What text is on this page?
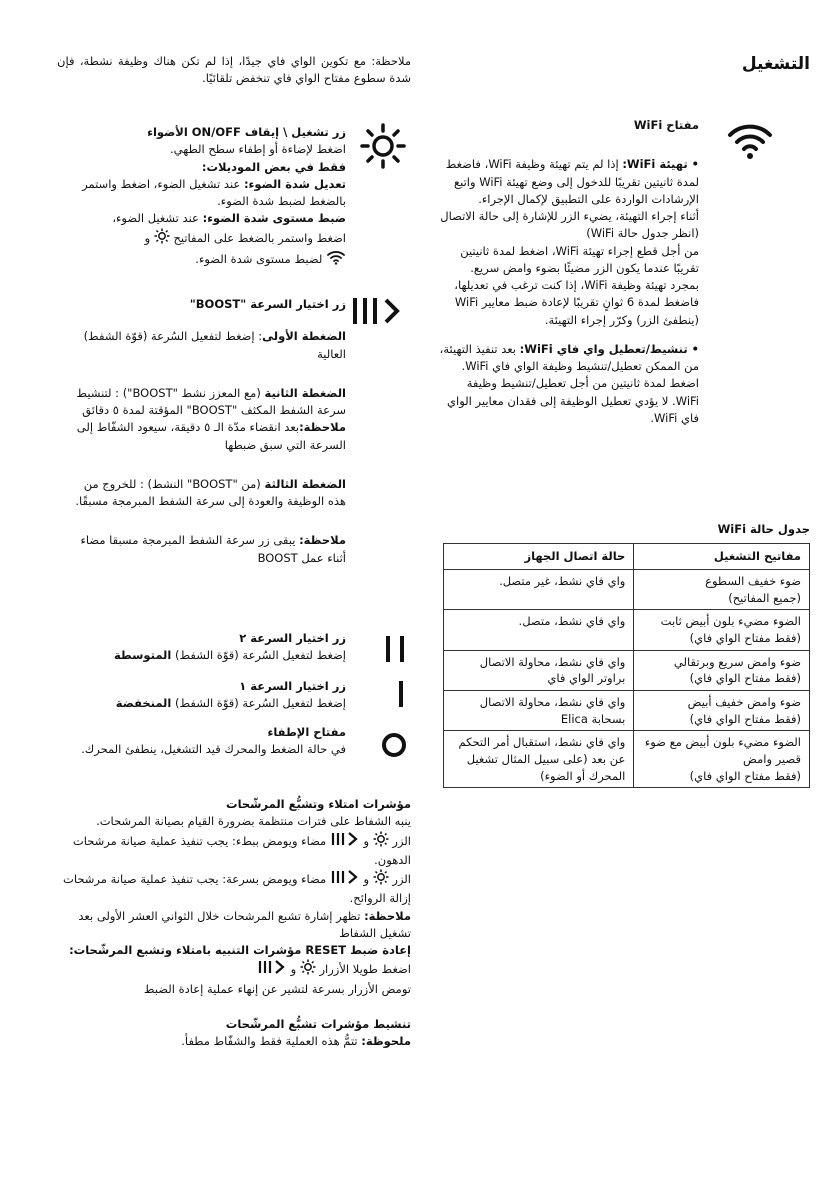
التشغيل
ملاحظة: مع تكوين الواي فاي جيدًا، إذا لم تكن هناك وظيفة نشطة، فإن شدة سطوع مفتاح الواي فاي تنخفض تلقائيًا.
مفتاح WiFi

• تهيئة WiFi: إذا لم يتم تهيئة وظيفة WiFi، فاضغط لمدة ثانيتين تقريبًا للدخول إلى وضع تهيئة WiFi واتبع الإرشادات الواردة على التطبيق لإكمال الإجراء.

أثناء إجراء التهيئة، يضيء الزر للإشارة إلى حالة الاتصال (انظر جدول حالة WiFi)

من أجل قطع إجراء تهيئة WiFi، اضغط لمدة ثانيتين تقريبًا عندما يكون الزر مضيئًا بضوء وامض سريع.

بمجرد تهيئة وظيفة WiFi، إذا كنت ترغب في تعديلها، فاضغط لمدة 6 ثوانٍ تقريبًا لإعادة ضبط معايير WiFi (ينطفئ الزر) وكرّر إجراء التهيئة.

• تنشيط/تعطيل واي فاي WiFi: بعد تنفيذ التهيئة، من الممكن تعطيل/تنشيط وظيفة الواي فاي WiFi. اضغط لمدة ثانيتين من أجل تعطيل/تنشيط وظيفة WiFi. لا يؤدي تعطيل الوظيفة إلى فقدان معايير الواي فاي WiFi.

جدول حالة WiFi
مفاتيح التشغيل	حالة اتصال الجهاز
ضوء خفيف السطوع
(جميع المفاتيح)	واي فاي نشط، غير متصل.
الضوء مضيء بلون أبيض ثابت
(فقط مفتاح الواي فاي)	واي فاي نشط، متصل.
ضوء وامض سريع وبرتقالي
(فقط مفتاح الواي فاي)	واي فاي نشط، محاولة الاتصال براوتر الواي فاي
ضوء وامض خفيف أبيض
(فقط مفتاح الواي فاي)	واي فاي نشط، محاولة الاتصال بسحابة Elica
الضوء مضيء بلون أبيض مع ضوء قصير وامض
(فقط مفتاح الواي فاي)	واي فاي نشط، استقبال أمر التحكم عن بعد (على سبيل المثال تشغيل المحرك أو الضوء)

زر تشغيل \ إيقاف ON/OFF الأضواء

اضغط لإضاءة أو إطفاء سطح الطهي.

فقط في بعض الموديلات:

تعديل شدة الضوء: عند تشغيل الضوء، اضغط واستمر بالضغط لضبط شدة الضوء.

ضبط مستوى شدة الضوء: عند تشغيل الضوء،

اضغط واستمر بالضغط على المفاتيح  و

لضبط مستوى شدة الضوء.

زر اختيار السرعة "BOOST"

الضغطة الأولى: إضغط لتفعيل السُرعة (قوّة الشفط) العالية

الضغطة الثانية (مع المعزز نشط "BOOST") : لتنشيط سرعة الشفط المكثف "BOOST" المؤقتة لمدة ٥ دقائق

ملاحظة:بعد انقضاء مدّة الـ ٥ دقيقة، سيعود الشفّاط إلى السرعة التي سبق ضبطها

الضغطة الثالثة (من "BOOST" النشط) : للخروج من هذه الوظيفة والعودة إلى سرعة الشفط المبرمجة مسبقًا.

ملاحظة: يبقى زر سرعة الشفط المبرمجة مسبقا مضاء أثناء عمل BOOST

زر اختيار السرعة ٢

إضغط لتفعيل السُرعة (قوّة الشفط) المتوسطة

زر اختيار السرعة ١

إضغط لتفعيل السُرعة (قوّة الشفط) المنخفضة

مفتاح الإطفاء

في حالة الضغط والمحرك قيد التشغيل، ينطفئ المحرك.

مؤشرات امتلاء وتشبُّع المرشّحات

ينبه الشفاط على فترات منتظمة بضرورة القيام بصيانة المرشحات.

الزر  و  مضاء ويومض ببطء: يجب تنفيذ عملية صيانة مرشحات الدهون.

الزر  و  مضاء ويومض بسرعة: يجب تنفيذ عملية صيانة مرشحات إزالة الروائح.

ملاحظة: تظهر إشارة تشبع المرشحات خلال الثواني العشر الأولى بعد تشغيل الشفاط

إعادة ضبط RESET مؤشرات التنبيه بامتلاء وتشبع المرشّحات:

اضغط طويلا الأزرار  و

تومض الأزرار بسرعة لتشير عن إنهاء عملية إعادة الضبط

تنشيط مؤشرات تشبُّع المرشّحات

ملحوظة: تتمُّ هذه العملية فقط والشفّاط مطفأ.
